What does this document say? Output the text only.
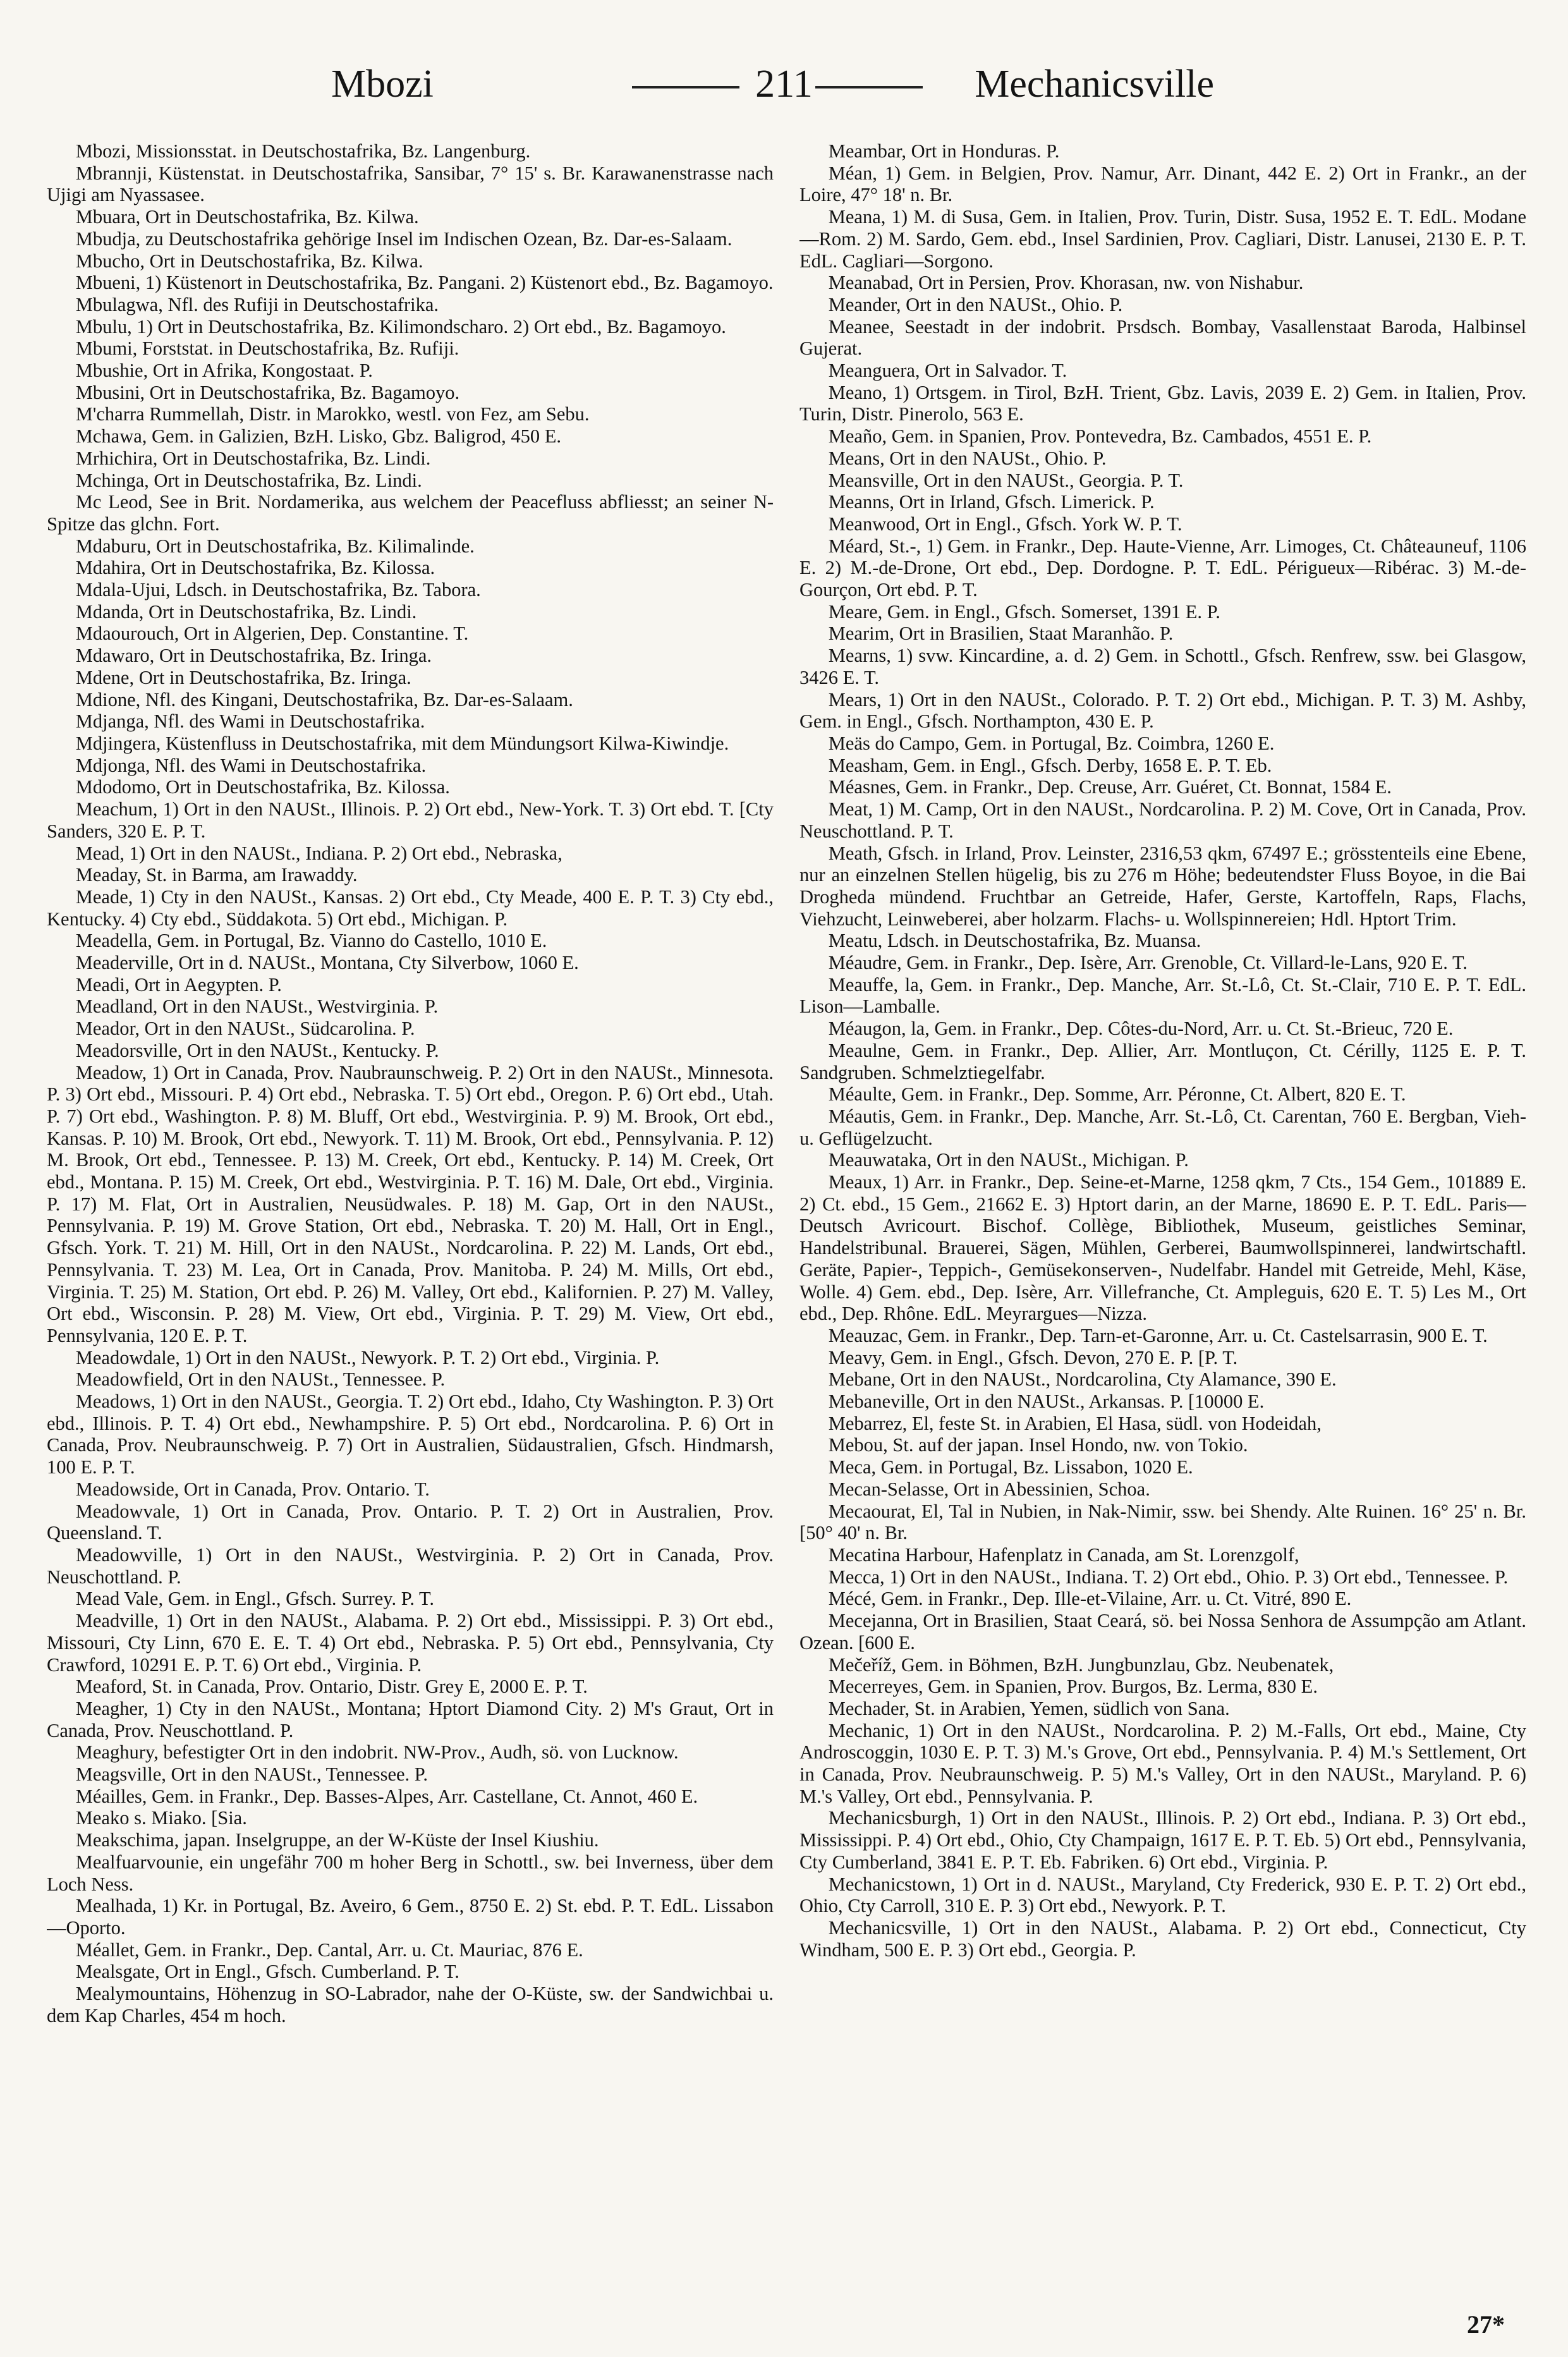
Mbozi	211	Mechanicsville

Mbozi, Missionsstat. in Deutschostafrika, Bz. Langenburg.

Mbrannji, Küstenstat. in Deutschostafrika, Sansibar, 7° 15' s. Br. Karawanenstrasse nach Ujigi am Nyassasee.

Mbuara, Ort in Deutschostafrika, Bz. Kilwa.

Mbudja, zu Deutschostafrika gehörige Insel im Indischen Ozean, Bz. Dar-es-Salaam.

Mbucho, Ort in Deutschostafrika, Bz. Kilwa.

Mbueni, 1) Küstenort in Deutschostafrika, Bz. Pangani. 2) Küstenort ebd., Bz. Bagamoyo.

Mbulagwa, Nfl. des Rufiji in Deutschostafrika.

Mbulu, 1) Ort in Deutschostafrika, Bz. Kilimondscharo. 2) Ort ebd., Bz. Bagamoyo.

Mbumi, Forststat. in Deutschostafrika, Bz. Rufiji.

Mbushie, Ort in Afrika, Kongostaat. P.

Mbusini, Ort in Deutschostafrika, Bz. Bagamoyo.

M'charra Rummellah, Distr. in Marokko, westl. von Fez, am Sebu.

Mchawa, Gem. in Galizien, BzH. Lisko, Gbz. Baligrod, 450 E.

Mrhichira, Ort in Deutschostafrika, Bz. Lindi.

Mchinga, Ort in Deutschostafrika, Bz. Lindi.

Mc Leod, See in Brit. Nordamerika, aus welchem der Peacefluss abfliesst; an seiner N-Spitze das glchn. Fort.

Mdaburu, Ort in Deutschostafrika, Bz. Kilimalinde.

Mdahira, Ort in Deutschostafrika, Bz. Kilossa.

Mdala-Ujui, Ldsch. in Deutschostafrika, Bz. Tabora.

Mdanda, Ort in Deutschostafrika, Bz. Lindi.

Mdaourouch, Ort in Algerien, Dep. Constantine. T.

Mdawaro, Ort in Deutschostafrika, Bz. Iringa.

Mdene, Ort in Deutschostafrika, Bz. Iringa.

Mdione, Nfl. des Kingani, Deutschostafrika, Bz. Dar-es-Salaam.

Mdjanga, Nfl. des Wami in Deutschostafrika.

Mdjingera, Küstenfluss in Deutschostafrika, mit dem Mündungsort Kilwa-Kiwindje.

Mdjonga, Nfl. des Wami in Deutschostafrika.

Mdodomo, Ort in Deutschostafrika, Bz. Kilossa.

Meachum, 1) Ort in den NAUSt., Illinois. P. 2) Ort ebd., New-York. T. 3) Ort ebd. T. [Cty Sanders, 320 E. P. T.

Mead, 1) Ort in den NAUSt., Indiana. P. 2) Ort ebd., Nebraska,

Meaday, St. in Barma, am Irawaddy.

Meade, 1) Cty in den NAUSt., Kansas. 2) Ort ebd., Cty Meade, 400 E. P. T. 3) Cty ebd., Kentucky. 4) Cty ebd., Süddakota. 5) Ort ebd., Michigan. P.

Meadella, Gem. in Portugal, Bz. Vianno do Castello, 1010 E.

Meaderville, Ort in d. NAUSt., Montana, Cty Silverbow, 1060 E.

Meadi, Ort in Aegypten. P.

Meadland, Ort in den NAUSt., Westvirginia. P.

Meador, Ort in den NAUSt., Südcarolina. P.

Meadorsville, Ort in den NAUSt., Kentucky. P.

Meadow, 1) Ort in Canada, Prov. Naubraunschweig. P. 2) Ort in den NAUSt., Minnesota. P. 3) Ort ebd., Missouri. P. 4) Ort ebd., Nebraska. T. 5) Ort ebd., Oregon. P. 6) Ort ebd., Utah. P. 7) Ort ebd., Washington. P. 8) M. Bluff, Ort ebd., Westvirginia. P. 9) M. Brook, Ort ebd., Kansas. P. 10) M. Brook, Ort ebd., Newyork. T. 11) M. Brook, Ort ebd., Pennsylvania. P. 12) M. Brook, Ort ebd., Tennessee. P. 13) M. Creek, Ort ebd., Kentucky. P. 14) M. Creek, Ort ebd., Montana. P. 15) M. Creek, Ort ebd., Westvirginia. P. T. 16) M. Dale, Ort ebd., Virginia. P. 17) M. Flat, Ort in Australien, Neusüdwales. P. 18) M. Gap, Ort in den NAUSt., Pennsylvania. P. 19) M. Grove Station, Ort ebd., Nebraska. T. 20) M. Hall, Ort in Engl., Gfsch. York. T. 21) M. Hill, Ort in den NAUSt., Nordcarolina. P. 22) M. Lands, Ort ebd., Pennsylvania. T. 23) M. Lea, Ort in Canada, Prov. Manitoba. P. 24) M. Mills, Ort ebd., Virginia. T. 25) M. Station, Ort ebd. P. 26) M. Valley, Ort ebd., Kalifornien. P. 27) M. Valley, Ort ebd., Wisconsin. P. 28) M. View, Ort ebd., Virginia. P. T. 29) M. View, Ort ebd., Pennsylvania, 120 E. P. T.

Meadowdale, 1) Ort in den NAUSt., Newyork. P. T. 2) Ort ebd., Virginia. P.

Meadowfield, Ort in den NAUSt., Tennessee. P.

Meadows, 1) Ort in den NAUSt., Georgia. T. 2) Ort ebd., Idaho, Cty Washington. P. 3) Ort ebd., Illinois. P. T. 4) Ort ebd., Newhampshire. P. 5) Ort ebd., Nordcarolina. P. 6) Ort in Canada, Prov. Neubraunschweig. P. 7) Ort in Australien, Südaustralien, Gfsch. Hindmarsh, 100 E. P. T.

Meadowside, Ort in Canada, Prov. Ontario. T.

Meadowvale, 1) Ort in Canada, Prov. Ontario. P. T. 2) Ort in Australien, Prov. Queensland. T.

Meadowville, 1) Ort in den NAUSt., Westvirginia. P. 2) Ort in Canada, Prov. Neuschottland. P.

Mead Vale, Gem. in Engl., Gfsch. Surrey. P. T.

Meadville, 1) Ort in den NAUSt., Alabama. P. 2) Ort ebd., Mississippi. P. 3) Ort ebd., Missouri, Cty Linn, 670 E. E. T. 4) Ort ebd., Nebraska. P. 5) Ort ebd., Pennsylvania, Cty Crawford, 10291 E. P. T. 6) Ort ebd., Virginia. P.

Meaford, St. in Canada, Prov. Ontario, Distr. Grey E, 2000 E. P. T.

Meagher, 1) Cty in den NAUSt., Montana; Hptort Diamond City. 2) M's Graut, Ort in Canada, Prov. Neuschottland. P.

Meaghury, befestigter Ort in den indobrit. NW-Prov., Audh, sö. von Lucknow.

Meagsville, Ort in den NAUSt., Tennessee. P.

Méailles, Gem. in Frankr., Dep. Basses-Alpes, Arr. Castellane, Ct. Annot, 460 E.

Meako s. Miako. [Sia.

Meakschima, japan. Inselgruppe, an der W-Küste der Insel Kiushiu.

Mealfuarvounie, ein ungefähr 700 m hoher Berg in Schottl., sw. bei Inverness, über dem Loch Ness.

Mealhada, 1) Kr. in Portugal, Bz. Aveiro, 6 Gem., 8750 E. 2) St. ebd. P. T. EdL. Lissabon—Oporto.

Méallet, Gem. in Frankr., Dep. Cantal, Arr. u. Ct. Mauriac, 876 E.

Mealsgate, Ort in Engl., Gfsch. Cumberland. P. T.

Mealymountains, Höhenzug in SO-Labrador, nahe der O-Küste, sw. der Sandwichbai u. dem Kap Charles, 454 m hoch.

Meambar, Ort in Honduras. P.

Méan, 1) Gem. in Belgien, Prov. Namur, Arr. Dinant, 442 E. 2) Ort in Frankr., an der Loire, 47° 18' n. Br.

Meana, 1) M. di Susa, Gem. in Italien, Prov. Turin, Distr. Susa, 1952 E. T. EdL. Modane—Rom. 2) M. Sardo, Gem. ebd., Insel Sardinien, Prov. Cagliari, Distr. Lanusei, 2130 E. P. T. EdL. Cagliari—Sorgono.

Meanabad, Ort in Persien, Prov. Khorasan, nw. von Nishabur.

Meander, Ort in den NAUSt., Ohio. P.

Meanee, Seestadt in der indobrit. Prsdsch. Bombay, Vasallenstaat Baroda, Halbinsel Gujerat.

Meanguera, Ort in Salvador. T.

Meano, 1) Ortsgem. in Tirol, BzH. Trient, Gbz. Lavis, 2039 E. 2) Gem. in Italien, Prov. Turin, Distr. Pinerolo, 563 E.

Meaño, Gem. in Spanien, Prov. Pontevedra, Bz. Cambados, 4551 E. P.

Means, Ort in den NAUSt., Ohio. P.

Meansville, Ort in den NAUSt., Georgia. P. T.

Meanns, Ort in Irland, Gfsch. Limerick. P.

Meanwood, Ort in Engl., Gfsch. York W. P. T.

Méard, St.-, 1) Gem. in Frankr., Dep. Haute-Vienne, Arr. Limoges, Ct. Châteauneuf, 1106 E. 2) M.-de-Drone, Ort ebd., Dep. Dordogne. P. T. EdL. Périgueux—Ribérac. 3) M.-de-Gourçon, Ort ebd. P. T.

Meare, Gem. in Engl., Gfsch. Somerset, 1391 E. P.

Mearim, Ort in Brasilien, Staat Maranhão. P.

Mearns, 1) svw. Kincardine, a. d. 2) Gem. in Schottl., Gfsch. Renfrew, ssw. bei Glasgow, 3426 E. T.

Mears, 1) Ort in den NAUSt., Colorado. P. T. 2) Ort ebd., Michigan. P. T. 3) M. Ashby, Gem. in Engl., Gfsch. Northampton, 430 E. P.

Meäs do Campo, Gem. in Portugal, Bz. Coimbra, 1260 E.

Measham, Gem. in Engl., Gfsch. Derby, 1658 E. P. T. Eb.

Méasnes, Gem. in Frankr., Dep. Creuse, Arr. Guéret, Ct. Bonnat, 1584 E.

Meat, 1) M. Camp, Ort in den NAUSt., Nordcarolina. P. 2) M. Cove, Ort in Canada, Prov. Neuschottland. P. T.

Meath, Gfsch. in Irland, Prov. Leinster, 2316,53 qkm, 67497 E.; grösstenteils eine Ebene, nur an einzelnen Stellen hügelig, bis zu 276 m Höhe; bedeutendster Fluss Boyoe, in die Bai Drogheda mündend. Fruchtbar an Getreide, Hafer, Gerste, Kartoffeln, Raps, Flachs, Viehzucht, Leinweberei, aber holzarm. Flachs- u. Wollspinnereien; Hdl. Hptort Trim.

Meatu, Ldsch. in Deutschostafrika, Bz. Muansa.

Méaudre, Gem. in Frankr., Dep. Isère, Arr. Grenoble, Ct. Villard-le-Lans, 920 E. T.

Meauffe, la, Gem. in Frankr., Dep. Manche, Arr. St.-Lô, Ct. St.-Clair, 710 E. P. T. EdL. Lison—Lamballe.

Méaugon, la, Gem. in Frankr., Dep. Côtes-du-Nord, Arr. u. Ct. St.-Brieuc, 720 E.

Meaulne, Gem. in Frankr., Dep. Allier, Arr. Montluçon, Ct. Cérilly, 1125 E. P. T. Sandgruben. Schmelztiegelfabr.

Méaulte, Gem. in Frankr., Dep. Somme, Arr. Péronne, Ct. Albert, 820 E. T.

Méautis, Gem. in Frankr., Dep. Manche, Arr. St.-Lô, Ct. Carentan, 760 E. Bergban, Vieh- u. Geflügelzucht.

Meauwataka, Ort in den NAUSt., Michigan. P.

Meaux, 1) Arr. in Frankr., Dep. Seine-et-Marne, 1258 qkm, 7 Cts., 154 Gem., 101889 E. 2) Ct. ebd., 15 Gem., 21662 E. 3) Hptort darin, an der Marne, 18690 E. P. T. EdL. Paris—Deutsch Avricourt. Bischof. Collège, Bibliothek, Museum, geistliches Seminar, Handelstribunal. Brauerei, Sägen, Mühlen, Gerberei, Baumwollspinnerei, landwirtschaftl. Geräte, Papier-, Teppich-, Gemüsekonserven-, Nudelfabr. Handel mit Getreide, Mehl, Käse, Wolle. 4) Gem. ebd., Dep. Isère, Arr. Villefranche, Ct. Ampleguis, 620 E. T. 5) Les M., Ort ebd., Dep. Rhône. EdL. Meyrargues—Nizza.

Meauzac, Gem. in Frankr., Dep. Tarn-et-Garonne, Arr. u. Ct. Castelsarrasin, 900 E. T.

Meavy, Gem. in Engl., Gfsch. Devon, 270 E. P. [P. T.

Mebane, Ort in den NAUSt., Nordcarolina, Cty Alamance, 390 E.

Mebaneville, Ort in den NAUSt., Arkansas. P. [10000 E.

Mebarrez, El, feste St. in Arabien, El Hasa, südl. von Hodeidah,

Mebou, St. auf der japan. Insel Hondo, nw. von Tokio.

Meca, Gem. in Portugal, Bz. Lissabon, 1020 E.

Mecan-Selasse, Ort in Abessinien, Schoa.

Mecaourat, El, Tal in Nubien, in Nak-Nimir, ssw. bei Shendy. Alte Ruinen. 16° 25' n. Br. [50° 40' n. Br.

Mecatina Harbour, Hafenplatz in Canada, am St. Lorenzgolf,

Mecca, 1) Ort in den NAUSt., Indiana. T. 2) Ort ebd., Ohio. P. 3) Ort ebd., Tennessee. P.

Mécé, Gem. in Frankr., Dep. Ille-et-Vilaine, Arr. u. Ct. Vitré, 890 E.

Mecejanna, Ort in Brasilien, Staat Ceará, sö. bei Nossa Senhora de Assumpção am Atlant. Ozean. [600 E.

Mečeříž, Gem. in Böhmen, BzH. Jungbunzlau, Gbz. Neubenatek,

Mecerreyes, Gem. in Spanien, Prov. Burgos, Bz. Lerma, 830 E.

Mechader, St. in Arabien, Yemen, südlich von Sana.

Mechanic, 1) Ort in den NAUSt., Nordcarolina. P. 2) M.-Falls, Ort ebd., Maine, Cty Androscoggin, 1030 E. P. T. 3) M.'s Grove, Ort ebd., Pennsylvania. P. 4) M.'s Settlement, Ort in Canada, Prov. Neubraunschweig. P. 5) M.'s Valley, Ort in den NAUSt., Maryland. P. 6) M.'s Valley, Ort ebd., Pennsylvania. P.

Mechanicsburgh, 1) Ort in den NAUSt., Illinois. P. 2) Ort ebd., Indiana. P. 3) Ort ebd., Mississippi. P. 4) Ort ebd., Ohio, Cty Champaign, 1617 E. P. T. Eb. 5) Ort ebd., Pennsylvania, Cty Cumberland, 3841 E. P. T. Eb. Fabriken. 6) Ort ebd., Virginia. P.

Mechanicstown, 1) Ort in d. NAUSt., Maryland, Cty Frederick, 930 E. P. T. 2) Ort ebd., Ohio, Cty Carroll, 310 E. P. 3) Ort ebd., Newyork. P. T.

Mechanicsville, 1) Ort in den NAUSt., Alabama. P. 2) Ort ebd., Connecticut, Cty Windham, 500 E. P. 3) Ort ebd., Georgia. P.

27*
